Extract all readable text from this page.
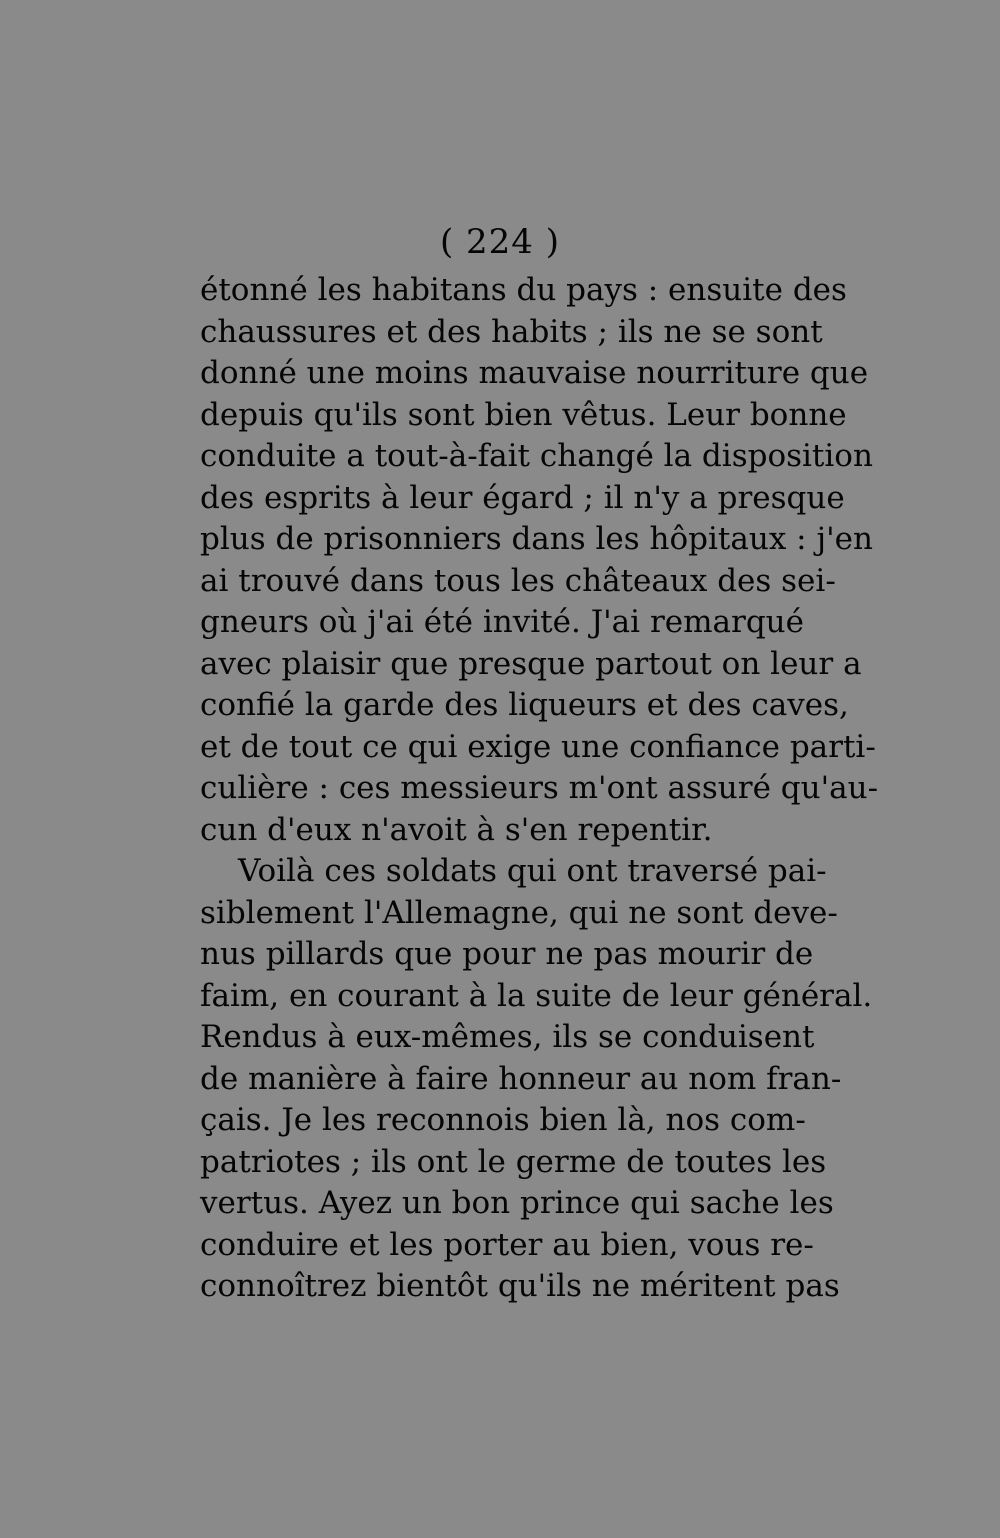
( 224 )
étonné les habitans du pays : ensuite des
chaussures et des habits ; ils ne se sont
donné une moins mauvaise nourriture que
depuis qu'ils sont bien vêtus. Leur bonne
conduite a tout-à-fait changé la disposition
des esprits à leur égard ; il n'y a presque
plus de prisonniers dans les hôpitaux : j'en
ai trouvé dans tous les châteaux des sei-
gneurs où j'ai été invité. J'ai remarqué
avec plaisir que presque partout on leur a
confié la garde des liqueurs et des caves,
et de tout ce qui exige une confiance parti-
culière : ces messieurs m'ont assuré qu'au-
cun d'eux n'avoit à s'en repentir.
Voilà ces soldats qui ont traversé pai-
siblement l'Allemagne, qui ne sont deve-
nus pillards que pour ne pas mourir de
faim, en courant à la suite de leur général.
Rendus à eux-mêmes, ils se conduisent
de manière à faire honneur au nom fran-
çais. Je les reconnois bien là, nos com-
patriotes ; ils ont le germe de toutes les
vertus. Ayez un bon prince qui sache les
conduire et les porter au bien, vous re-
connoîtrez bientôt qu'ils ne méritent pas
